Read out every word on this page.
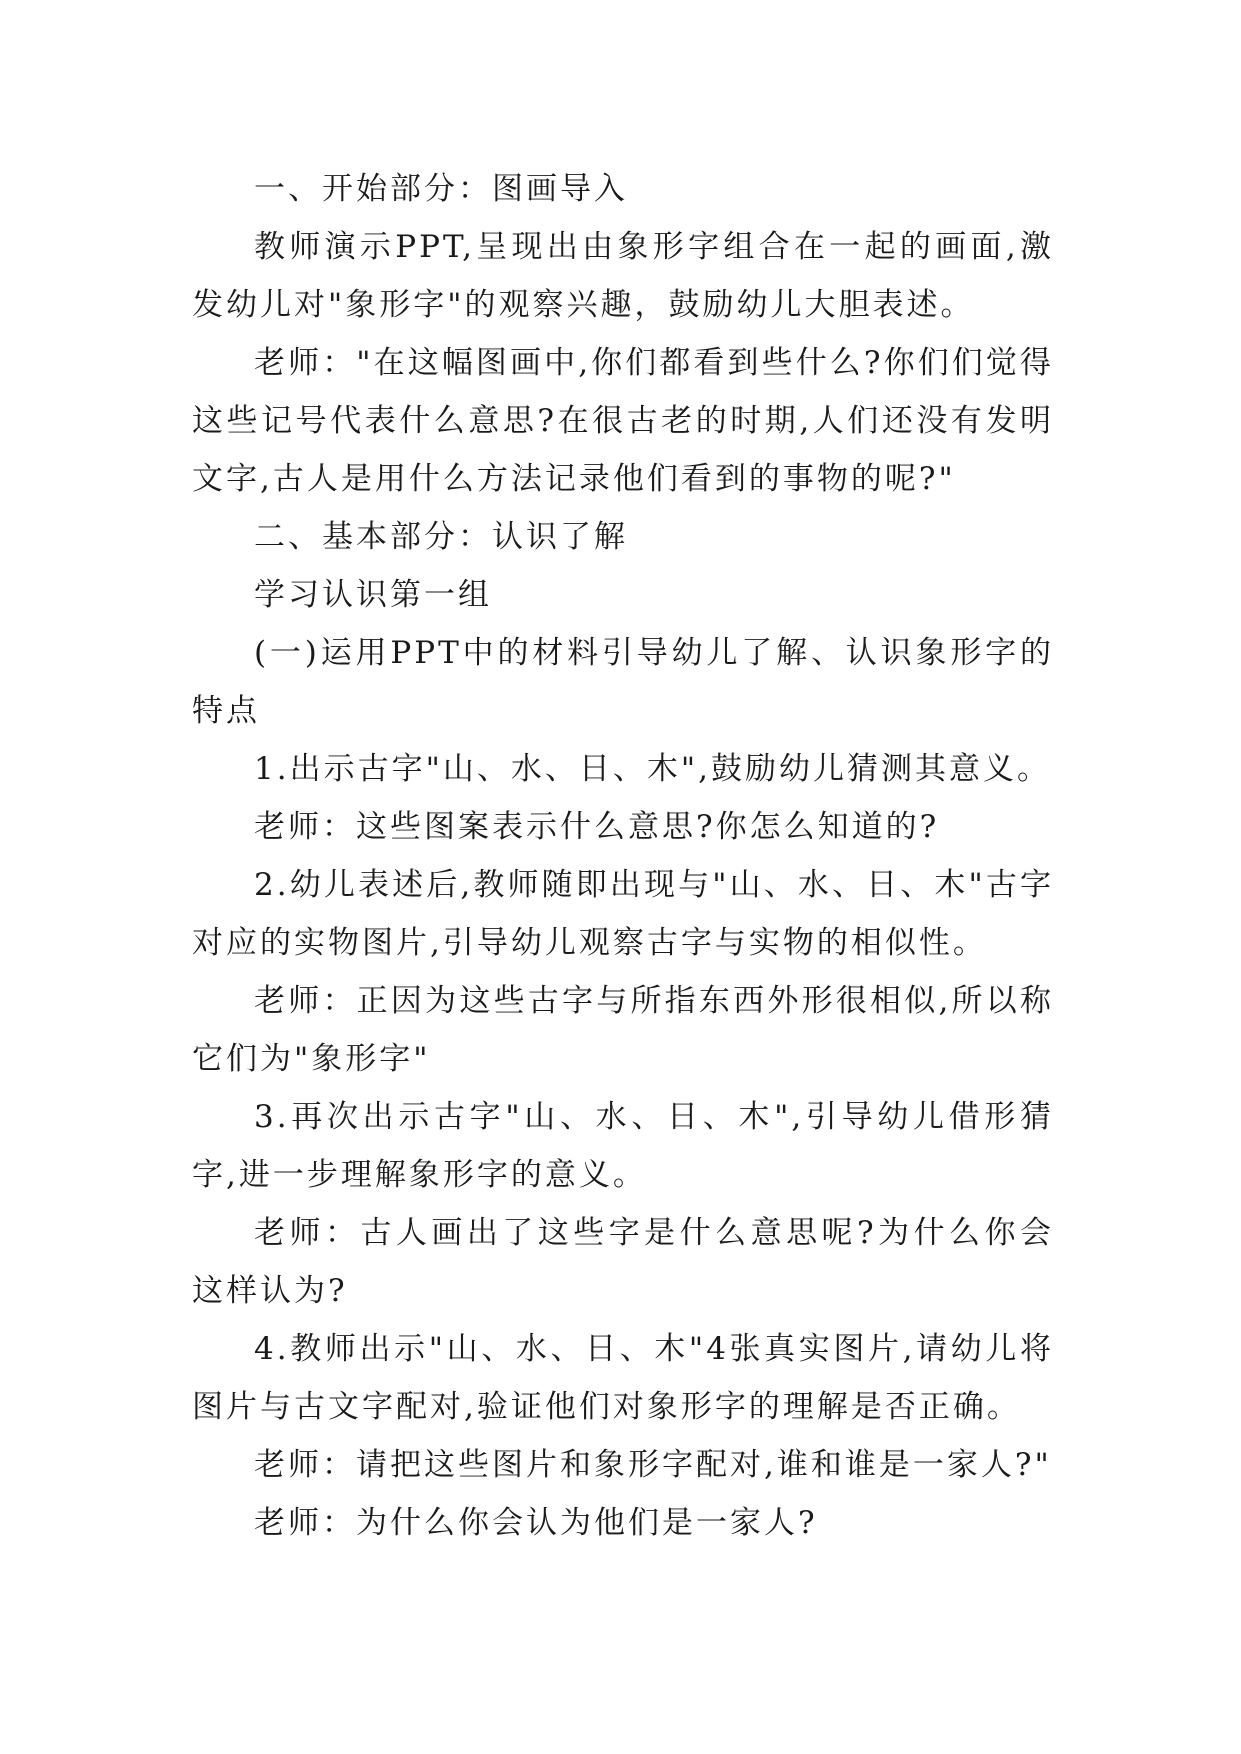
一、开始部分：图画导入

教师演示PPT,呈现出由象形字组合在一起的画面,激发幼儿对"象形字"的观察兴趣，鼓励幼儿大胆表述。

老师："在这幅图画中,你们都看到些什么?你们们觉得这些记号代表什么意思?在很古老的时期,人们还没有发明文字,古人是用什么方法记录他们看到的事物的呢?"

二、基本部分：认识了解

学习认识第一组

(一)运用PPT中的材料引导幼儿了解、认识象形字的特点

1.出示古字"山、水、日、木",鼓励幼儿猜测其意义。

老师：这些图案表示什么意思?你怎么知道的?

2.幼儿表述后,教师随即出现与"山、水、日、木"古字对应的实物图片,引导幼儿观察古字与实物的相似性。

老师：正因为这些古字与所指东西外形很相似,所以称它们为"象形字"

3.再次出示古字"山、水、日、木",引导幼儿借形猜字,进一步理解象形字的意义。

老师：古人画出了这些字是什么意思呢?为什么你会这样认为?

4.教师出示"山、水、日、木"4张真实图片,请幼儿将图片与古文字配对,验证他们对象形字的理解是否正确。

老师：请把这些图片和象形字配对,谁和谁是一家人?"

老师：为什么你会认为他们是一家人?
